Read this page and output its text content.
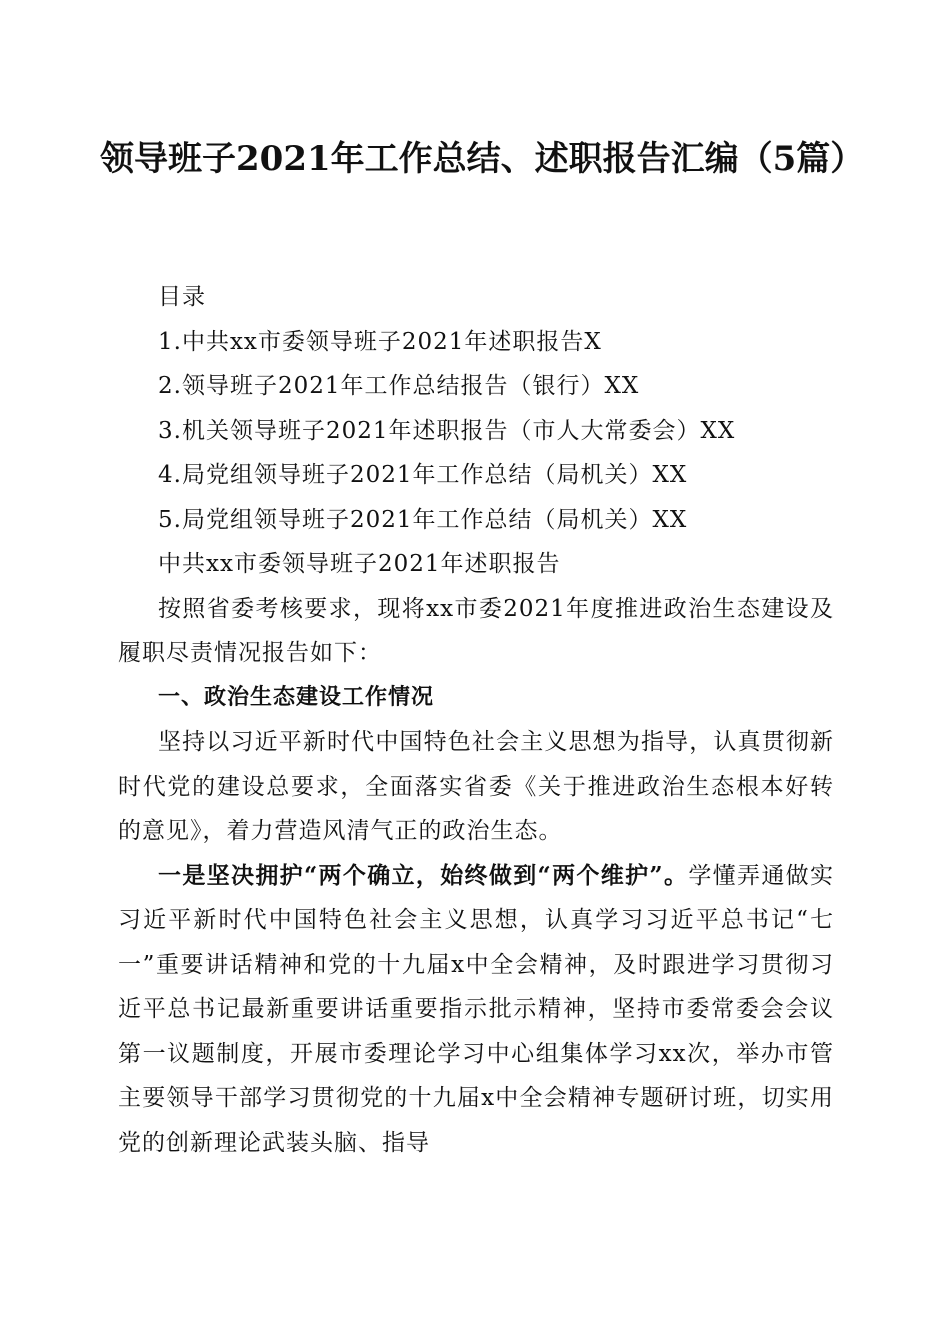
领导班子2021年工作总结、述职报告汇编（5篇）

目录

1.中共xx市委领导班子2021年述职报告X

2.领导班子2021年工作总结报告（银行）XX

3.机关领导班子2021年述职报告（市人大常委会）XX

4.局党组领导班子2021年工作总结（局机关）XX

5.局党组领导班子2021年工作总结（局机关）XX

中共xx市委领导班子2021年述职报告

按照省委考核要求，现将xx市委2021年度推进政治生态建设及履职尽责情况报告如下：

一、政治生态建设工作情况

坚持以习近平新时代中国特色社会主义思想为指导，认真贯彻新时代党的建设总要求，全面落实省委《关于推进政治生态根本好转的意见》，着力营造风清气正的政治生态。

一是坚决拥护“两个确立，始终做到“两个维护”。学懂弄通做实习近平新时代中国特色社会主义思想，认真学习习近平总书记“七一”重要讲话精神和党的十九届x中全会精神，及时跟进学习贯彻习近平总书记最新重要讲话重要指示批示精神，坚持市委常委会会议第一议题制度，开展市委理论学习中心组集体学习xx次，举办市管主要领导干部学习贯彻党的十九届x中全会精神专题研讨班，切实用党的创新理论武装头脑、指导
